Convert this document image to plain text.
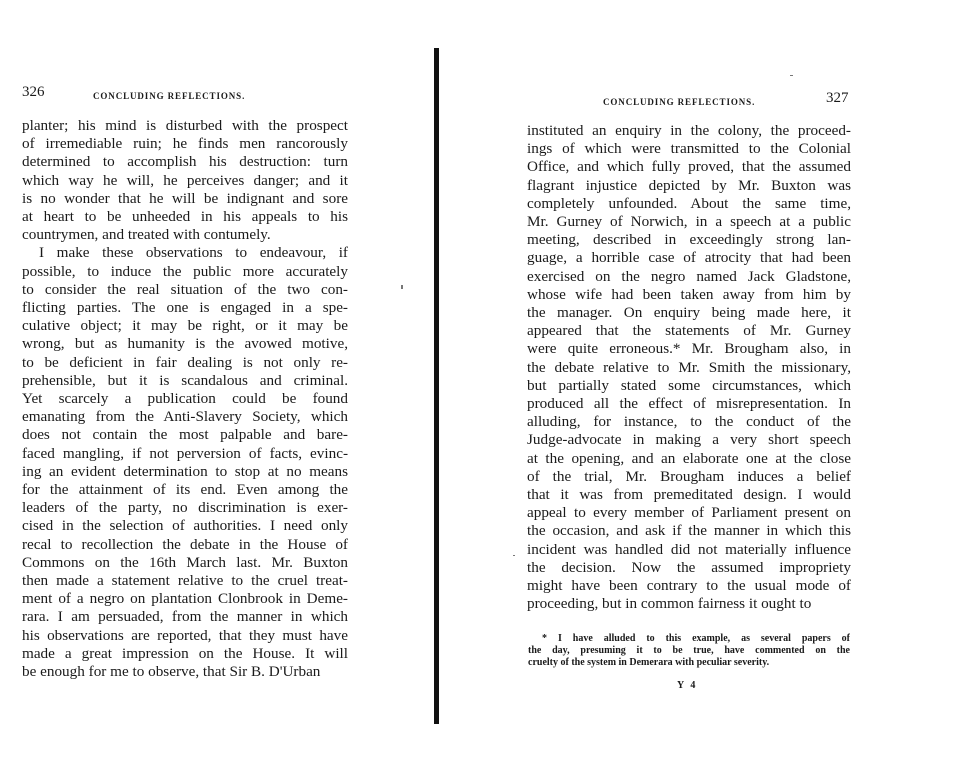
326	CONCLUDING REFLECTIONS.
planter; his mind is disturbed with the prospect
of irremediable ruin; he finds men rancorously
determined to accomplish his destruction: turn
which way he will, he perceives danger; and it
is no wonder that he will be indignant and sore
at heart to be unheeded in his appeals to his
countrymen, and treated with contumely.
I make these observations to endeavour, if
possible, to induce the public more accurately
to consider the real situation of the two con-
flicting parties. The one is engaged in a spe-
culative object; it may be right, or it may be
wrong, but as humanity is the avowed motive,
to be deficient in fair dealing is not only re-
prehensible, but it is scandalous and criminal.
Yet scarcely a publication could be found
emanating from the Anti-Slavery Society, which
does not contain the most palpable and bare-
faced mangling, if not perversion of facts, evinc-
ing an evident determination to stop at no means
for the attainment of its end. Even among the
leaders of the party, no discrimination is exer-
cised in the selection of authorities. I need only
recal to recollection the debate in the House of
Commons on the 16th March last. Mr. Buxton
then made a statement relative to the cruel treat-
ment of a negro on plantation Clonbrook in Deme-
rara. I am persuaded, from the manner in which
his observations are reported, that they must have
made a great impression on the House. It will
be enough for me to observe, that Sir B. D'Urban
CONCLUDING REFLECTIONS.	327
instituted an enquiry in the colony, the proceed-
ings of which were transmitted to the Colonial
Office, and which fully proved, that the assumed
flagrant injustice depicted by Mr. Buxton was
completely unfounded. About the same time,
Mr. Gurney of Norwich, in a speech at a public
meeting, described in exceedingly strong lan-
guage, a horrible case of atrocity that had been
exercised on the negro named Jack Gladstone,
whose wife had been taken away from him by
the manager. On enquiry being made here, it
appeared that the statements of Mr. Gurney
were quite erroneous.* Mr. Brougham also, in
the debate relative to Mr. Smith the missionary,
but partially stated some circumstances, which
produced all the effect of misrepresentation. In
alluding, for instance, to the conduct of the
Judge-advocate in making a very short speech
at the opening, and an elaborate one at the close
of the trial, Mr. Brougham induces a belief
that it was from premeditated design. I would
appeal to every member of Parliament present on
the occasion, and ask if the manner in which this
incident was handled did not materially influence
the decision. Now the assumed impropriety
might have been contrary to the usual mode of
proceeding, but in common fairness it ought to
* I have alluded to this example, as several papers of
the day, presuming it to be true, have commented on the
cruelty of the system in Demerara with peculiar severity.
Y 4
